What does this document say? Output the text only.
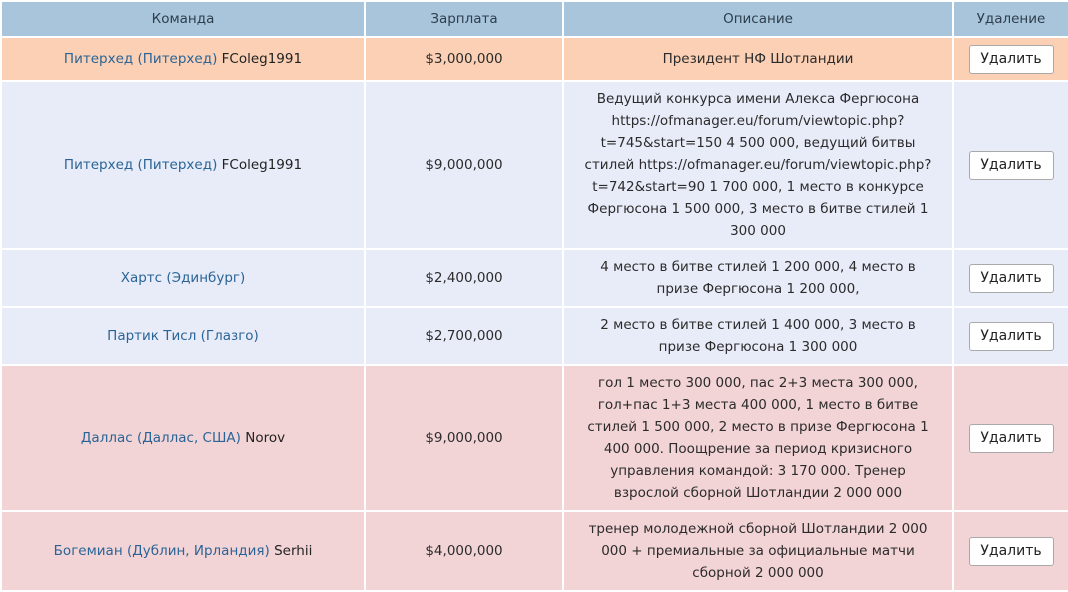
Команда	Зарплата	Описание	Удаление
Питерхед (Питерхед) FColeg1991	$3,000,000	Президент НФ Шотландии	Удалить
Питерхед (Питерхед) FColeg1991	$9,000,000	Ведущий конкурса имени Алекса Фергюсона https://ofmanager.eu/forum/viewtopic.php?t=745&start=150 4 500 000, ведущий битвы стилей https://ofmanager.eu/forum/viewtopic.php?t=742&start=90 1 700 000, 1 место в конкурсе Фергюсона 1 500 000, 3 место в битве стилей 1 300 000	Удалить
Хартс (Эдинбург)	$2,400,000	4 место в битве стилей 1 200 000, 4 место в призе Фергюсона 1 200 000,	Удалить
Партик Тисл (Глазго)	$2,700,000	2 место в битве стилей 1 400 000, 3 место в призе Фергюсона 1 300 000	Удалить
Даллас (Даллас, США) Norov	$9,000,000	гол 1 место 300 000, пас 2+3 места 300 000, гол+пас 1+3 места 400 000, 1 место в битве стилей 1 500 000, 2 место в призе Фергюсона 1 400 000. Поощрение за период кризисного управления командой: 3 170 000. Тренер взрослой сборной Шотландии 2 000 000	Удалить
Богемиан (Дублин, Ирландия) Serhii	$4,000,000	тренер молодежной сборной Шотландии 2 000 000 + премиальные за официальные матчи сборной 2 000 000	Удалить
